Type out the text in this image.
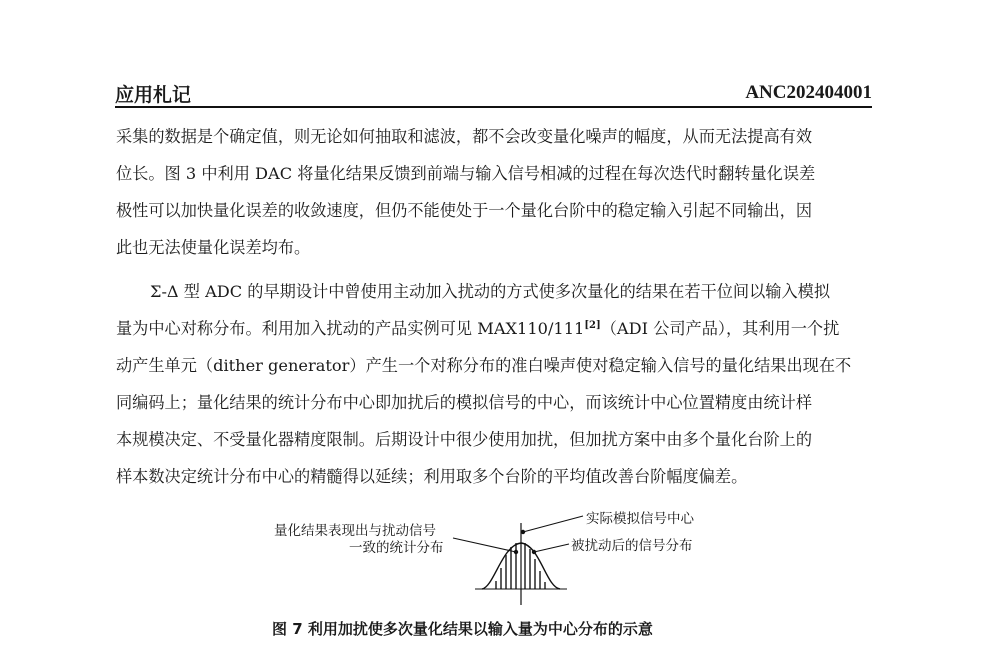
应用札记	ANC202404001
采集的数据是个确定值，则无论如何抽取和滤波，都不会改变量化噪声的幅度，从而无法提高有效
位长。图 3 中利用 DAC 将量化结果反馈到前端与输入信号相减的过程在每次迭代时翻转量化误差
极性可以加快量化误差的收敛速度，但仍不能使处于一个量化台阶中的稳定输入引起不同输出，因
此也无法使量化误差均布。
Σ-Δ 型 ADC 的早期设计中曾使用主动加入扰动的方式使多次量化的结果在若干位间以输入模拟
量为中心对称分布。利用加入扰动的产品实例可见 MAX110/111[2]（ADI 公司产品），其利用一个扰
动产生单元（dither generator）产生一个对称分布的准白噪声使对稳定输入信号的量化结果出现在不
同编码上；量化结果的统计分布中心即加扰后的模拟信号的中心，而该统计中心位置精度由统计样
本规模决定、不受量化器精度限制。后期设计中很少使用加扰，但加扰方案中由多个量化台阶上的
样本数决定统计分布中心的精髓得以延续；利用取多个台阶的平均值改善台阶幅度偏差。
量化结果表现出与扰动信号
一致的统计分布
实际模拟信号中心
被扰动后的信号分布
图 7 利用加扰使多次量化结果以输入量为中心分布的示意
